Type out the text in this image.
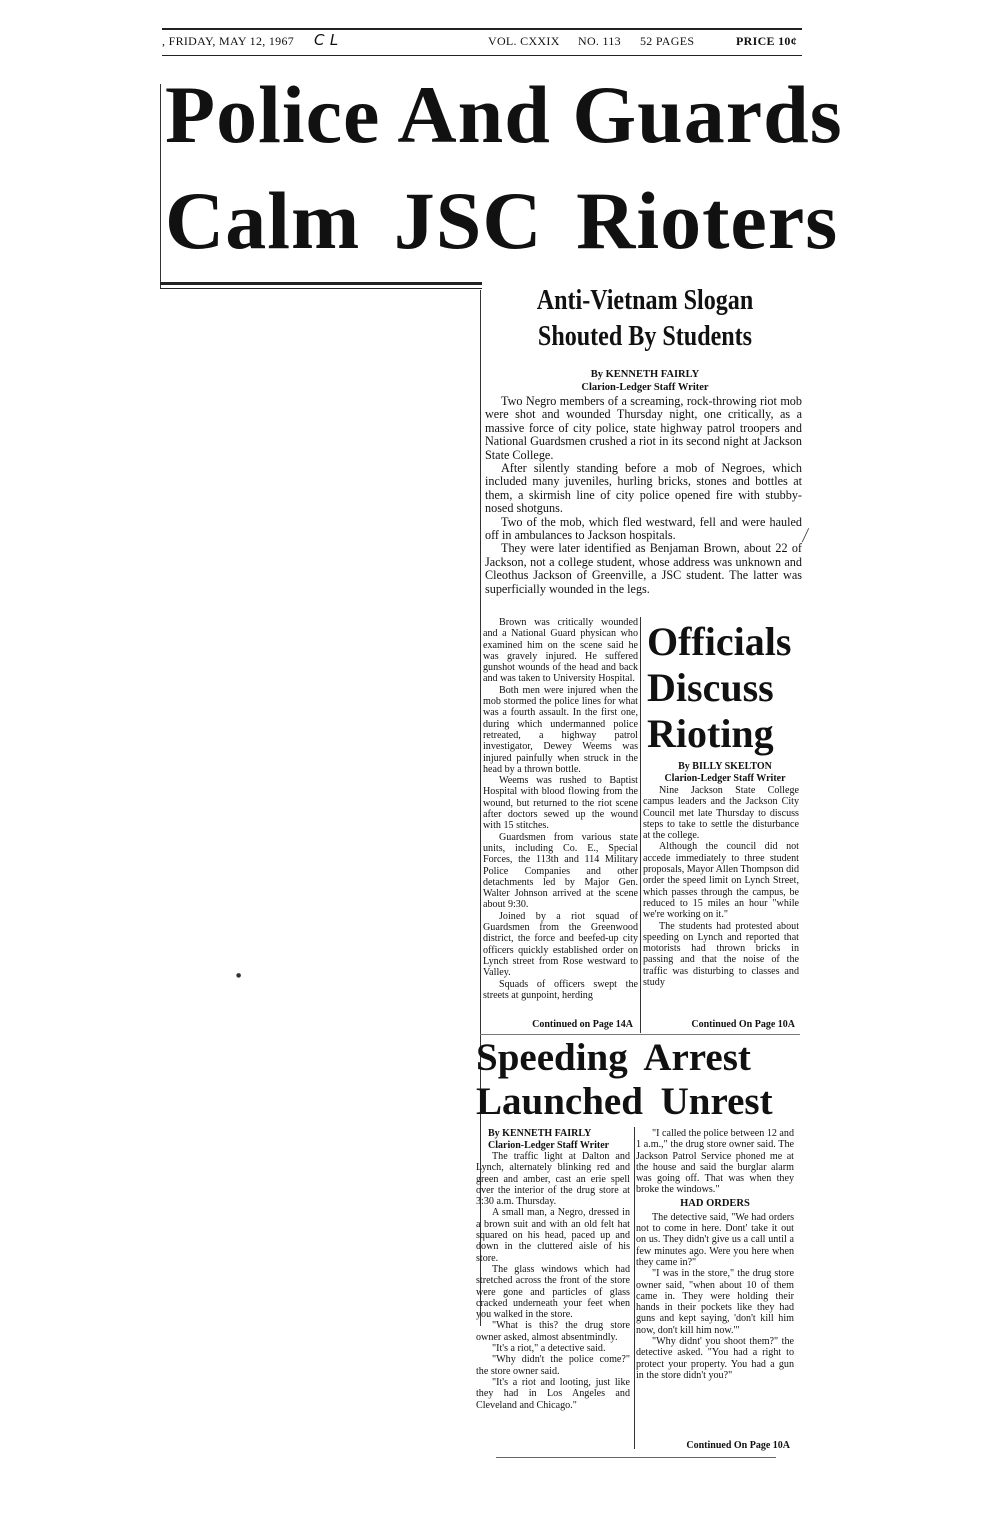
, FRIDAY, MAY 12, 1967 C L	VOL. CXXIX NO. 113 52 PAGES	PRICE 10¢
Police And Guards
Calm JSC Rioters
Anti-Vietnam Slogan
Shouted By Students
By KENNETH FAIRLY
Clarion-Ledger Staff Writer

Two Negro members of a screaming, rock-throwing riot mob were shot and wounded Thursday night, one critically, as a massive force of city police, state highway patrol troopers and National Guardsmen crushed a riot in its second night at Jackson State College.

After silently standing before a mob of Negroes, which included many juveniles, hurling bricks, stones and bottles at them, a skirmish line of city police opened fire with stubby-nosed shotguns.

Two of the mob, which fled westward, fell and were hauled off in ambulances to Jackson hospitals.

They were later identified as Benjaman Brown, about 22 of Jackson, not a college student, whose address was unknown and Cleothus Jackson of Greenville, a JSC student. The latter was superficially wounded in the legs.

⟋

Brown was critically wounded and a National Guard physican who examined him on the scene said he was gravely injured. He suffered gunshot wounds of the head and back and was taken to University Hospital.

Both men were injured when the mob stormed the police lines for what was a fourth assault. In the first one, during which undermanned police retreated, a highway patrol investigator, Dewey Weems was injured painfully when struck in the head by a thrown bottle.

Weems was rushed to Baptist Hospital with blood flowing from the wound, but returned to the riot scene after doctors sewed up the wound with 15 stitches.

Guardsmen from various state units, including Co. E., Special Forces, the 113th and 114 Military Police Companies and other detachments led by Major Gen. Walter Johnson arrived at the scene about 9:30.

Joined by a riot squad of Guardsmen from the Greenwood district, the force and beefed-up city officers quickly established order on Lynch street from Rose westward to Valley.

Squads of officers swept the streets at gunpoint, herding

Continued on Page 14A
Officials
Discuss
Rioting
By BILLY SKELTON
Clarion-Ledger Staff Writer

Nine Jackson State College campus leaders and the Jackson City Council met late Thursday to discuss steps to take to settle the disturbance at the college.

Although the council did not accede immediately to three student proposals, Mayor Allen Thompson did order the speed limit on Lynch Street, which passes through the campus, be reduced to 15 miles an hour "while we're working on it."

The students had protested about speeding on Lynch and reported that motorists had thrown bricks in passing and that the noise of the traffic was disturbing to classes and study

Continued On Page 10A
Speeding Arrest
Launched Unrest
By KENNETH FAIRLY
Clarion-Ledger Staff Writer

The traffic light at Dalton and Lynch, alternately blinking red and green and amber, cast an erie spell over the interior of the drug store at 3:30 a.m. Thursday.

A small man, a Negro, dressed in a brown suit and with an old felt hat squared on his head, paced up and down in the cluttered aisle of his store.

The glass windows which had stretched across the front of the store were gone and particles of glass cracked underneath your feet when you walked in the store.

"What is this? the drug store owner asked, almost absentmindly.

"It's a riot," a detective said.

"Why didn't the police come?" the store owner said.

"It's a riot and looting, just like they had in Los Angeles and Cleveland and Chicago."

"I called the police between 12 and 1 a.m.," the drug store owner said. The Jackson Patrol Service phoned me at the house and said the burglar alarm was going off. That was when they broke the windows."

HAD ORDERS

The detective said, "We had orders not to come in here. Dont' take it out on us. They didn't give us a call until a few minutes ago. Were you here when they came in?"

"I was in the store," the drug store owner said, "when about 10 of them came in. They were holding their hands in their pockets like they had guns and kept saying, 'don't kill him now, don't kill him now.'"

"Why didnt' you shoot them?" the detective asked. "You had a right to protect your property. You had a gun in the store didn't you?"

Continued On Page 10A
●
